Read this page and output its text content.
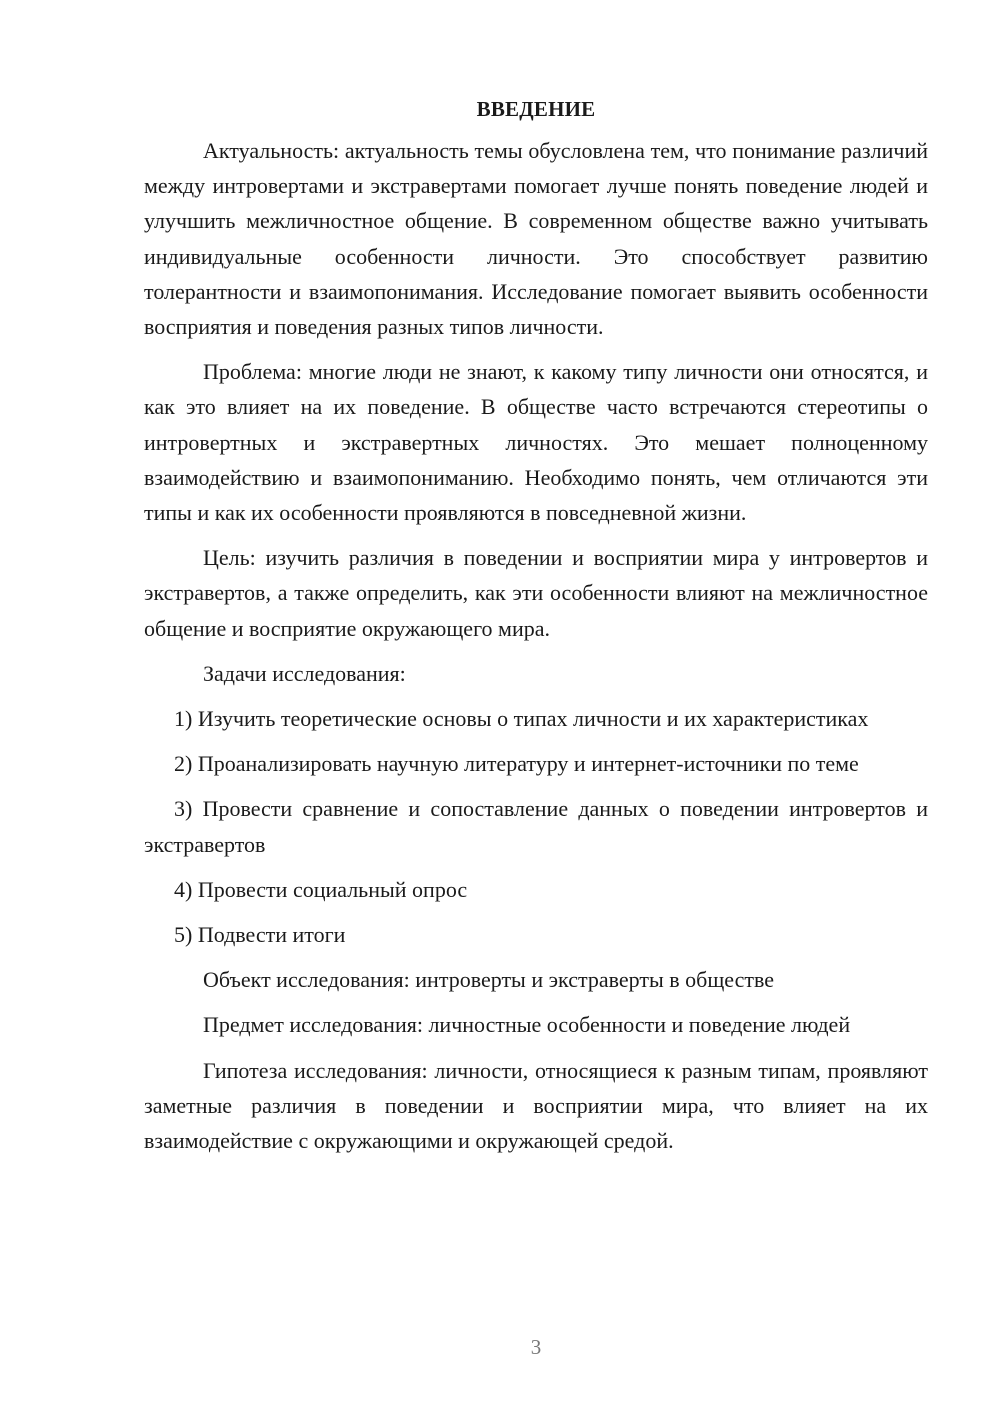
ВВЕДЕНИЕ

Актуальность: актуальность темы обусловлена тем, что понимание различий между интровертами и экстравертами помогает лучше понять поведение людей и улучшить межличностное общение. В современном обществе важно учитывать индивидуальные особенности личности. Это способствует развитию толерантности и взаимопонимания. Исследование помогает выявить особенности восприятия и поведения разных типов личности.

Проблема: многие люди не знают, к какому типу личности они относятся, и как это влияет на их поведение. В обществе часто встречаются стереотипы о интровертных и экстравертных личностях. Это мешает полноценному взаимодействию и взаимопониманию. Необходимо понять, чем отличаются эти типы и как их особенности проявляются в повседневной жизни.

Цель: изучить различия в поведении и восприятии мира у интровертов и экстравертов, а также определить, как эти особенности влияют на межличностное общение и восприятие окружающего мира.

Задачи исследования:

1) Изучить теоретические основы о типах личности и их характеристиках

2) Проанализировать научную литературу и интернет-источники по теме

3) Провести сравнение и сопоставление данных о поведении интровертов и экстравертов

4) Провести социальный опрос

5) Подвести итоги

Объект исследования: интроверты и экстраверты в обществе

Предмет исследования: личностные особенности и поведение людей

Гипотеза исследования: личности, относящиеся к разным типам, проявляют заметные различия в поведении и восприятии мира, что влияет на их взаимодействие с окружающими и окружающей средой.

3
